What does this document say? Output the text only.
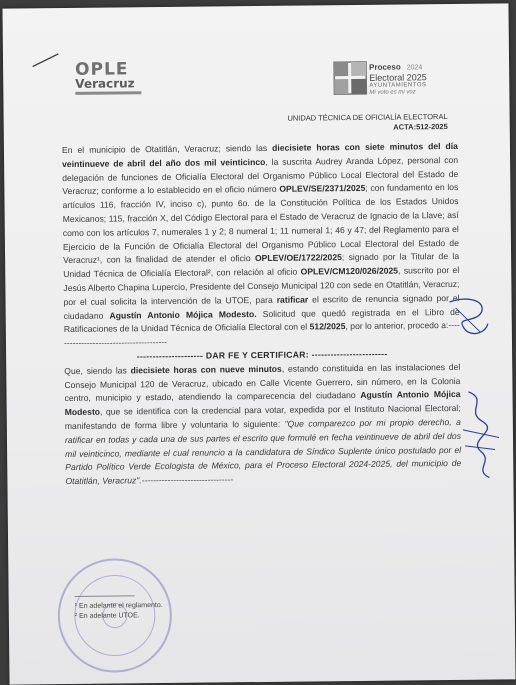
OPLE
Veracruz
Proceso 2024
Electoral 2025
AYUNTAMIENTOS
Mi voto es mi voz
UNIDAD TÉCNICA DE OFICIALÍA ELECTORAL
ACTA:512-2025

En el municipio de Otatitlán, Veracruz; siendo las diecisiete horas con siete minutos del día veintinueve de abril del año dos mil veinticinco, la suscrita Audrey Aranda López, personal con delegación de funciones de Oficialía Electoral del Organismo Público Local Electoral del Estado de Veracruz; conforme a lo establecido en el oficio número OPLEV/SE/2371/2025; con fundamento en los artículos 116, fracción IV, inciso c), punto 6o. de la Constitución Política de los Estados Unidos Mexicanos; 115, fracción X, del Código Electoral para el Estado de Veracruz de Ignacio de la Llave; así como con los artículos 7, numerales 1 y 2; 8 numeral 1; 11 numeral 1; 46 y 47; del Reglamento para el Ejercicio de la Función de Oficialía Electoral del Organismo Público Local Electoral del Estado de Veracruz¹, con la finalidad de atender el oficio OPLEV/OE/1722/2025; signado por la Titular de la Unidad Técnica de Oficialía Electoral², con relación al oficio OPLEV/CM120/026/2025, suscrito por el Jesús Alberto Chapina Lupercio, Presidente del Consejo Municipal 120 con sede en Otatitlán, Veracruz; por el cual solicita la intervención de la UTOE, para ratificar el escrito de renuncia signado por el ciudadano Agustín Antonio Mójica Modesto. Solicitud que quedó registrada en el Libro de Ratificaciones de la Unidad Técnica de Oficialía Electoral con el 512/2025, por lo anterior, procedo a:----------------------------------------

--------------------- DAR FE Y CERTIFICAR: ------------------------

Que, siendo las diecisiete horas con nueve minutos, estando constituida en las instalaciones del Consejo Municipal 120 de Veracruz, ubicado en Calle Vicente Guerrero, sin número, en la Colonia centro, municipio y estado, atendiendo la comparecencia del ciudadano Agustín Antonio Mójica Modesto, que se identifica con la credencial para votar, expedida por el Instituto Nacional Electoral; manifestando de forma libre y voluntaria lo siguiente: "Que comparezco por mi propio derecho, a ratificar en todas y cada una de sus partes el escrito que formulé en fecha veintinueve de abril del dos mil veinticinco, mediante el cual renuncio a la candidatura de Síndico Suplente único postulado por el Partido Político Verde Ecologista de México, para el Proceso Electoral 2024-2025, del municipio de Otatitlán, Veracruz".--------------------------------

¹ En adelante el reglamento.
² En adelante UTOE.
